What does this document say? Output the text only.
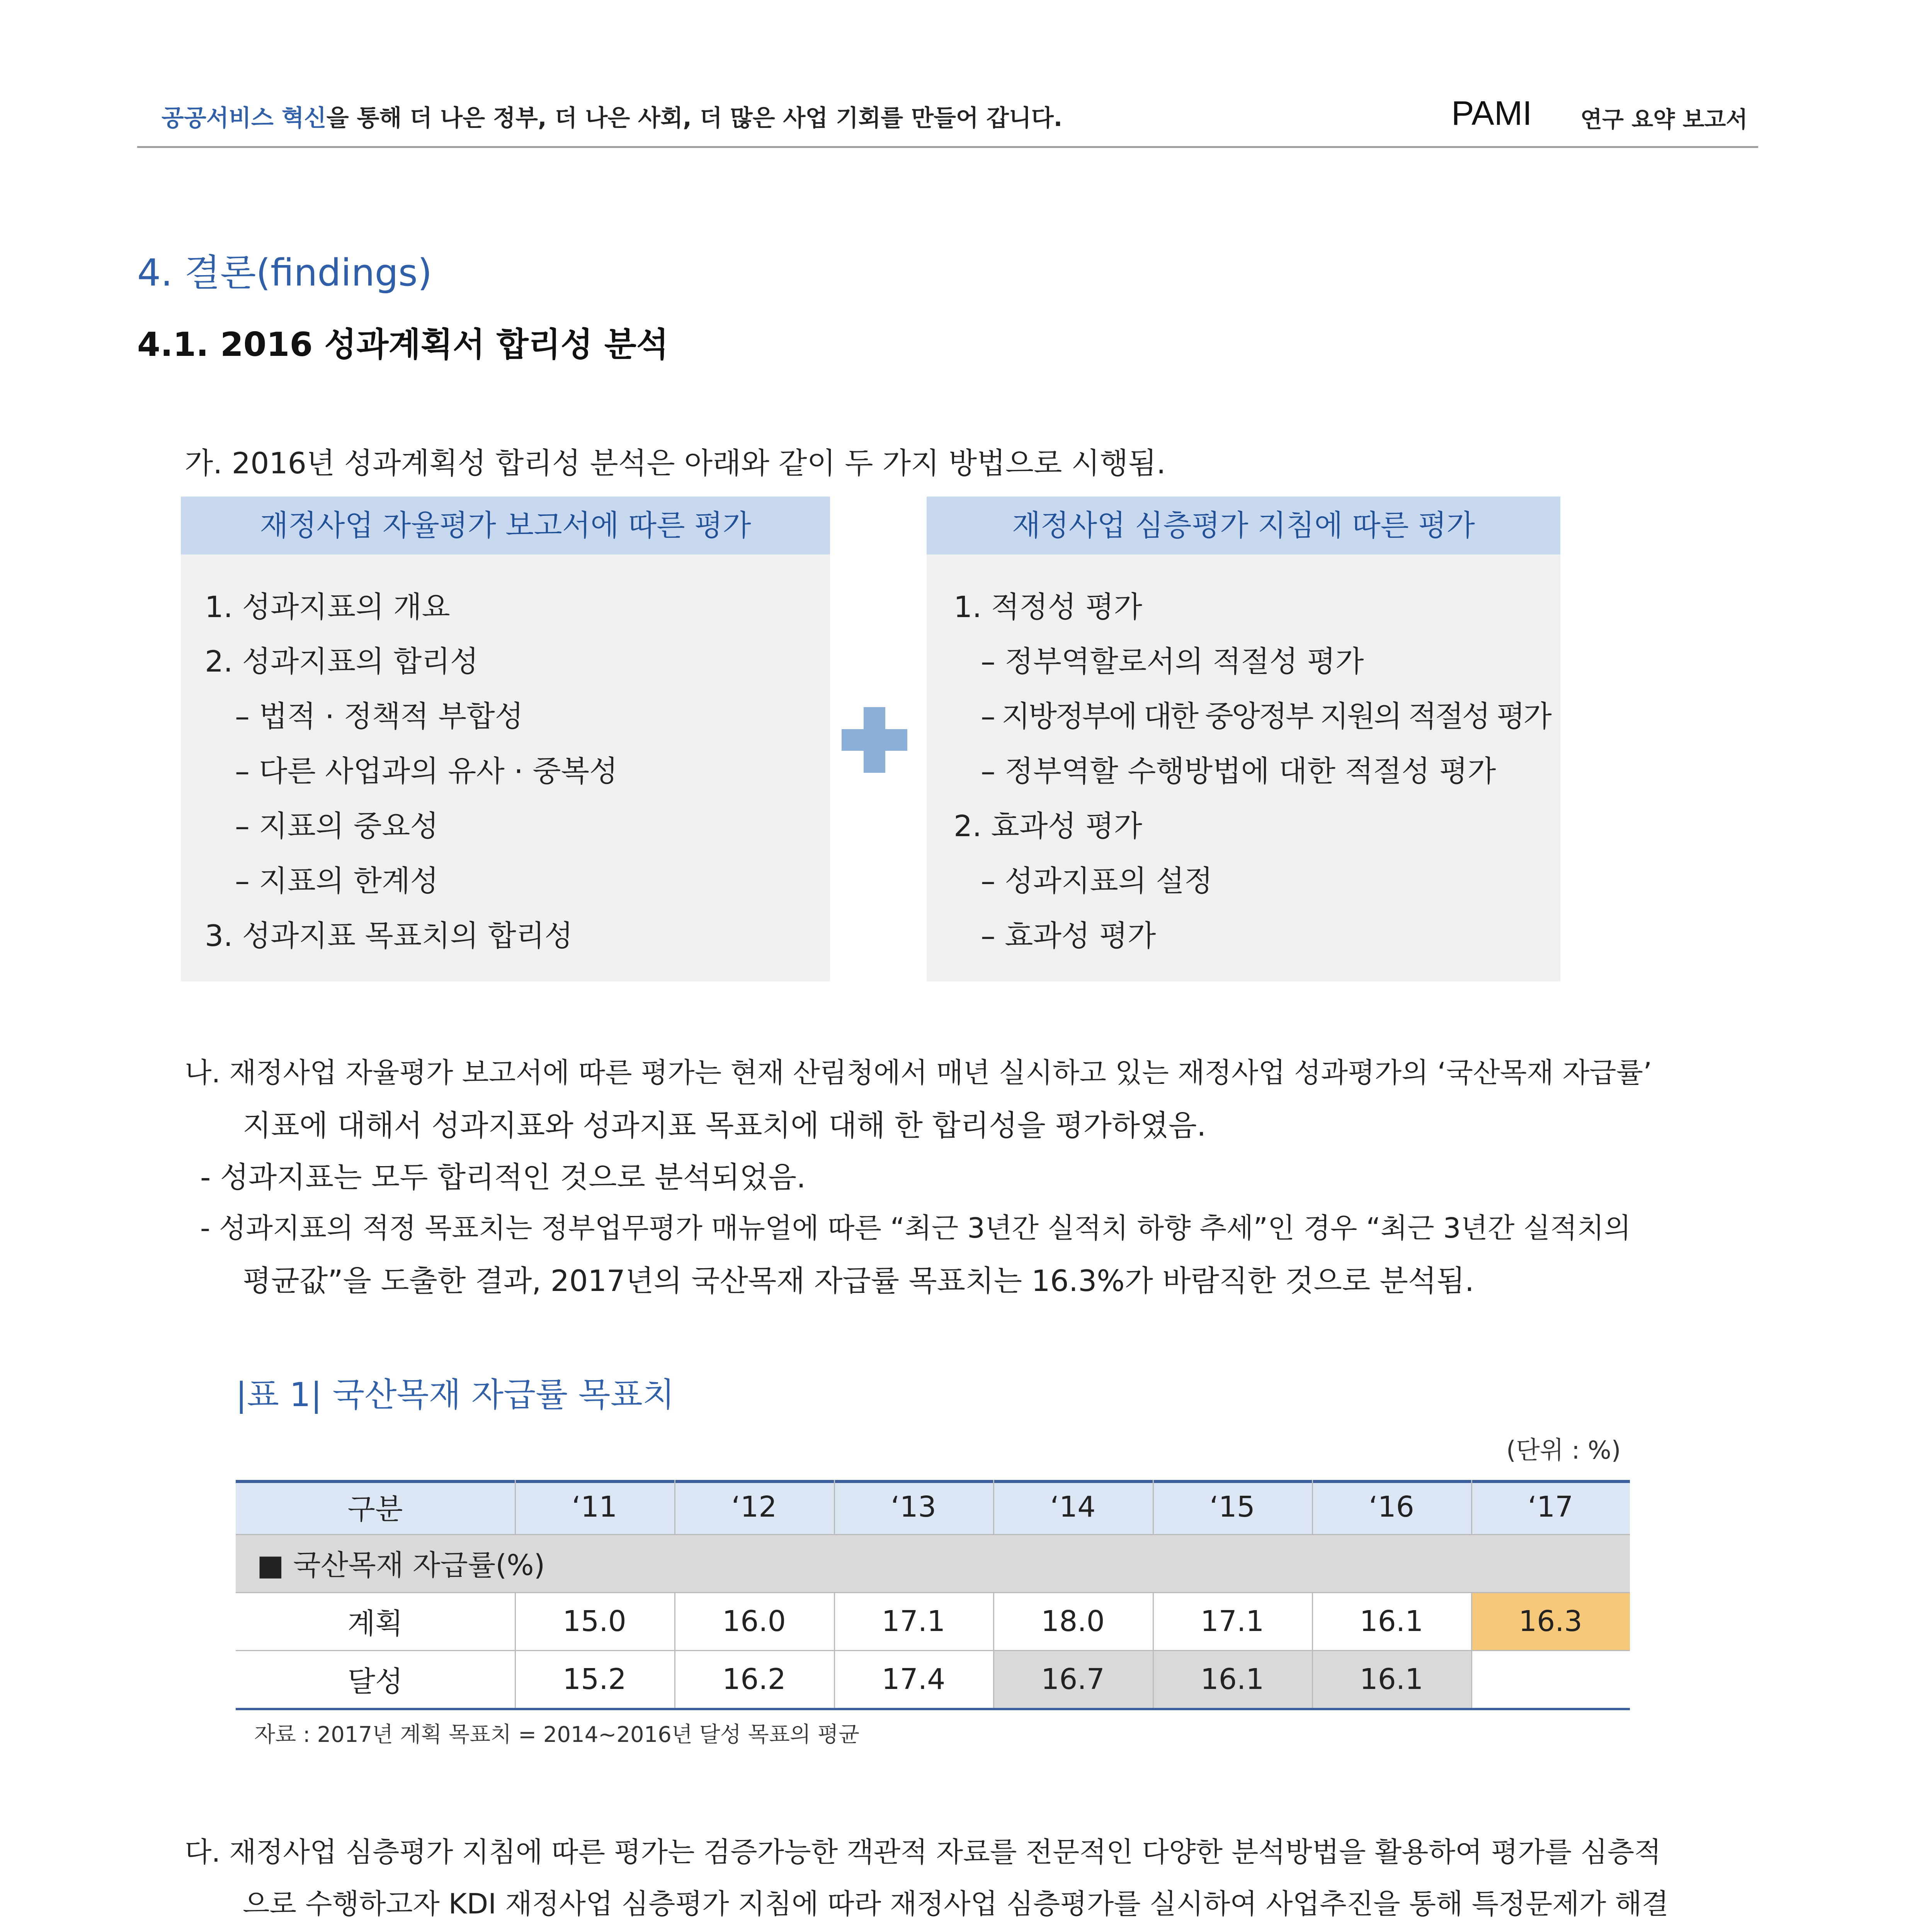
공공서비스 혁신을 통해 더 나은 정부, 더 나은 사회, 더 많은 사업 기회를 만들어 갑니다.	PAMI 연구 요약 보고서
4. 결론(findings)
4.1. 2016 성과계획서 합리성 분석
가. 2016년 성과계획성 합리성 분석은 아래와 같이 두 가지 방법으로 시행됨.
재정사업 자율평가 보고서에 따른 평가
1. 성과지표의 개요
2. 성과지표의 합리성
– 법적 · 정책적 부합성
– 다른 사업과의 유사 · 중복성
– 지표의 중요성
– 지표의 한계성
3. 성과지표 목표치의 합리성
재정사업 심층평가 지침에 따른 평가
1. 적정성 평가
– 정부역할로서의 적절성 평가
– 지방정부에 대한 중앙정부 지원의 적절성 평가
– 정부역할 수행방법에 대한 적절성 평가
2. 효과성 평가
– 성과지표의 설정
– 효과성 평가
나. 재정사업 자율평가 보고서에 따른 평가는 현재 산림청에서 매년 실시하고 있는 재정사업 성과평가의 ‘국산목재 자급률’
지표에 대해서 성과지표와 성과지표 목표치에 대해 한 합리성을 평가하였음.
- 성과지표는 모두 합리적인 것으로 분석되었음.
- 성과지표의 적정 목표치는 정부업무평가 매뉴얼에 따른 “최근 3년간 실적치 하향 추세”인 경우 “최근 3년간 실적치의
평균값”을 도출한 결과, 2017년의 국산목재 자급률 목표치는 16.3%가 바람직한 것으로 분석됨.
|표 1| 국산목재 자급률 목표치
(단위 : %)
구분	‘11	‘12	‘13	‘14	‘15	‘16	‘17
■ 국산목재 자급률(%)
계획	15.0	16.0	17.1	18.0	17.1	16.1	16.3
달성	15.2	16.2	17.4	16.7	16.1	16.1
자료 : 2017년 계획 목표치 = 2014~2016년 달성 목표의 평균
다. 재정사업 심층평가 지침에 따른 평가는 검증가능한 객관적 자료를 전문적인 다양한 분석방법을 활용하여 평가를 심층적
으로 수행하고자 KDI 재정사업 심층평가 지침에 따라 재정사업 심층평가를 실시하여 사업추진을 통해 특정문제가 해결
